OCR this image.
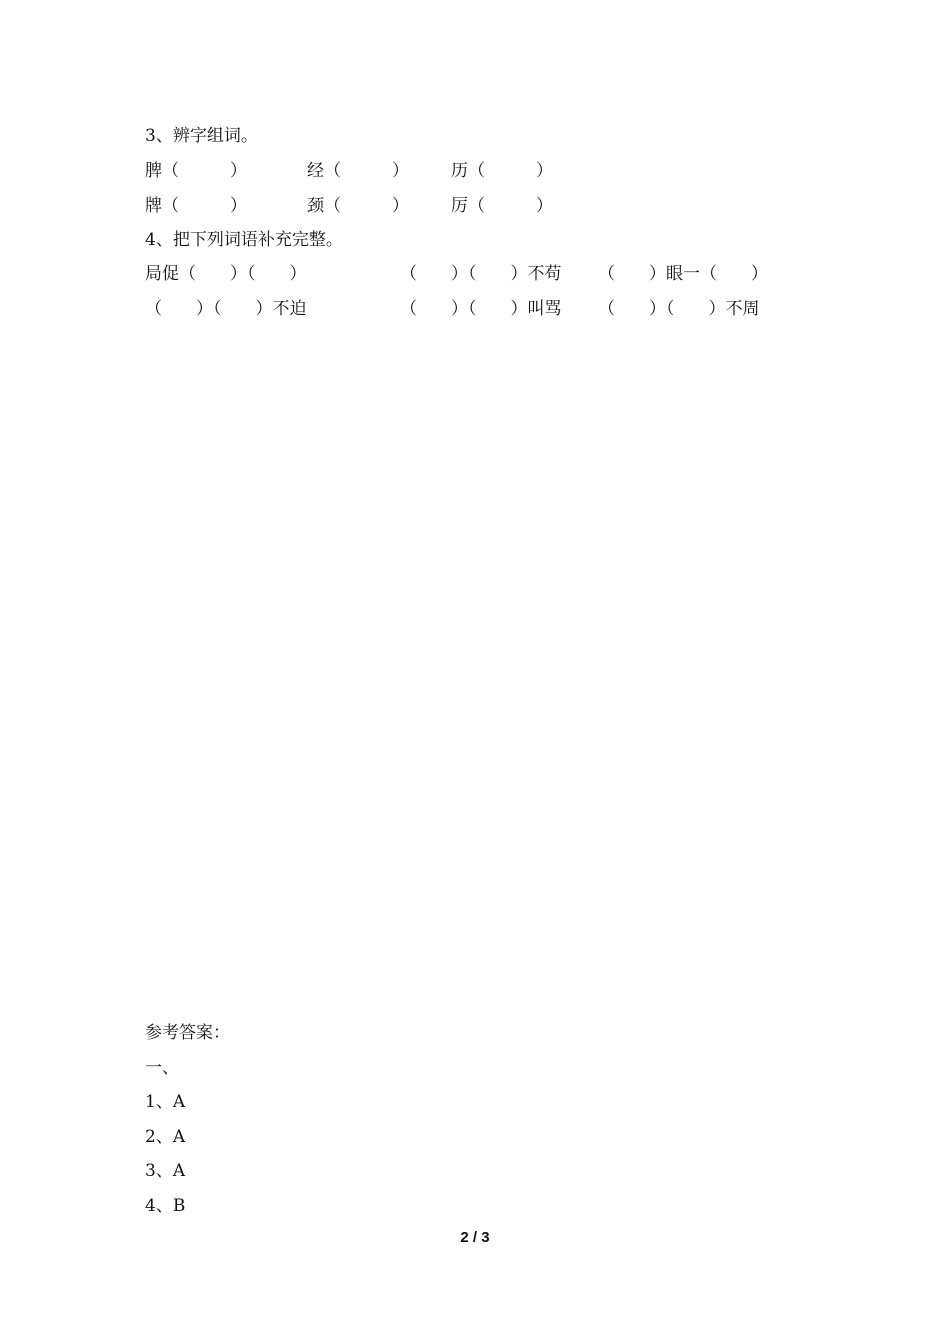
3、辨字组词。
脾（　　　）	经（　　　） 历（　　　）
牌（　　　）	颈（　　　） 厉（　　　）
4、把下列词语补充完整。
局促（　　）（　　）	（　　）（　　）不苟 （　　）眼一（　　）
（　　）（　　）不迫	（　　）（　　）叫骂 （　　）（　　）不周
参考答案：
一、
1、A
2、A
3、A
4、B
2 / 3
